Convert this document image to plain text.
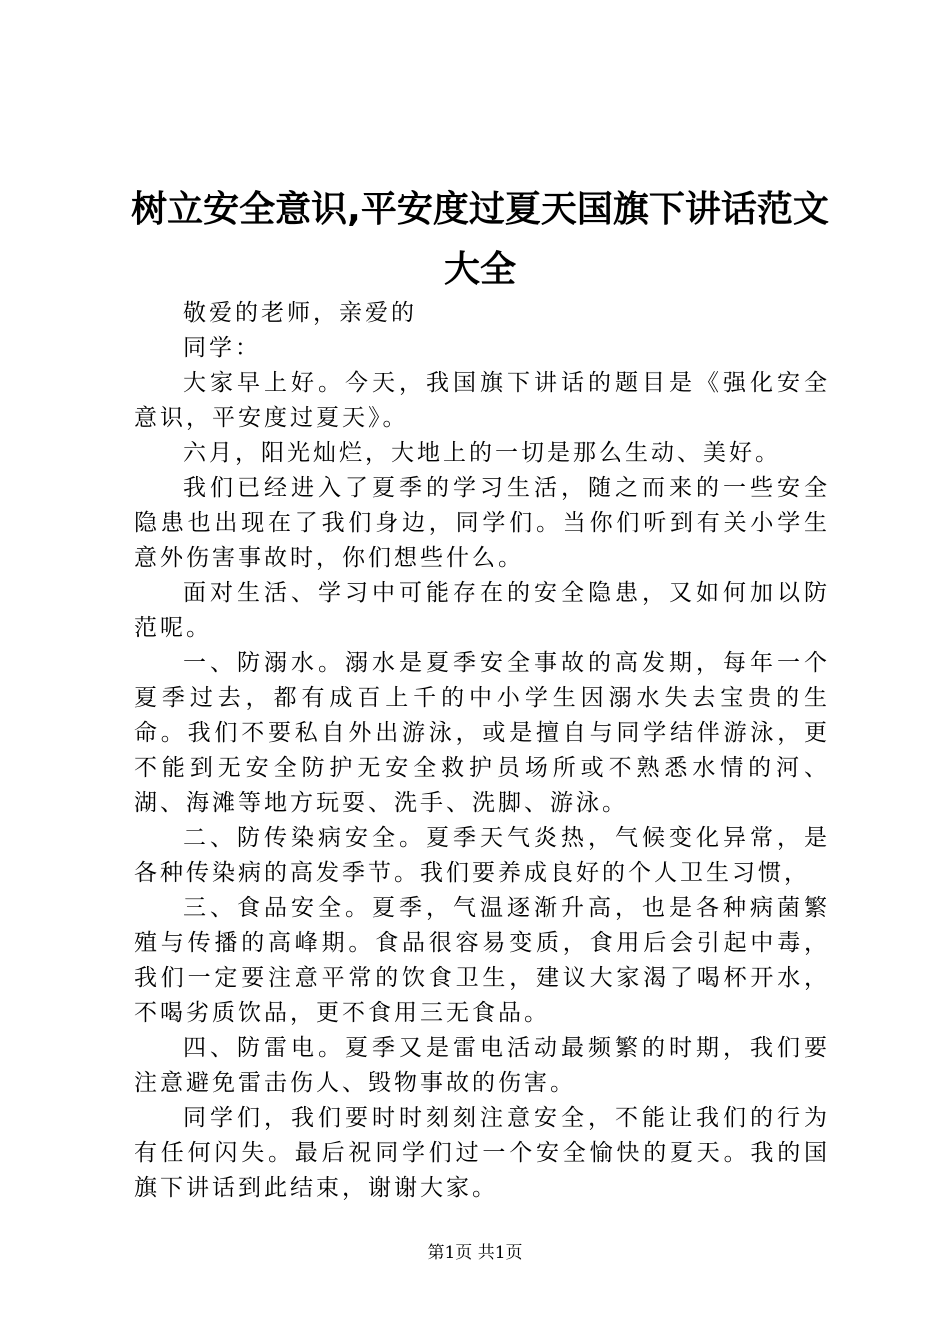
树立安全意识,平安度过夏天国旗下讲话范文大全

敬爱的老师，亲爱的

同学：

大家早上好。今天，我国旗下讲话的题目是《强化安全意识，平安度过夏天》。

六月，阳光灿烂，大地上的一切是那么生动、美好。

我们已经进入了夏季的学习生活，随之而来的一些安全隐患也出现在了我们身边，同学们。当你们听到有关小学生意外伤害事故时，你们想些什么。

面对生活、学习中可能存在的安全隐患，又如何加以防范呢。

一、防溺水。溺水是夏季安全事故的高发期，每年一个夏季过去，都有成百上千的中小学生因溺水失去宝贵的生命。我们不要私自外出游泳，或是擅自与同学结伴游泳，更不能到无安全防护无安全救护员场所或不熟悉水情的河、湖、海滩等地方玩耍、洗手、洗脚、游泳。

二、防传染病安全。夏季天气炎热，气候变化异常，是各种传染病的高发季节。我们要养成良好的个人卫生习惯，

三、食品安全。夏季，气温逐渐升高，也是各种病菌繁殖与传播的高峰期。食品很容易变质，食用后会引起中毒，我们一定要注意平常的饮食卫生，建议大家渴了喝杯开水，不喝劣质饮品，更不食用三无食品。

四、防雷电。夏季又是雷电活动最频繁的时期，我们要注意避免雷击伤人、毁物事故的伤害。

同学们，我们要时时刻刻注意安全，不能让我们的行为有任何闪失。最后祝同学们过一个安全愉快的夏天。我的国旗下讲话到此结束，谢谢大家。

第1页 共1页
